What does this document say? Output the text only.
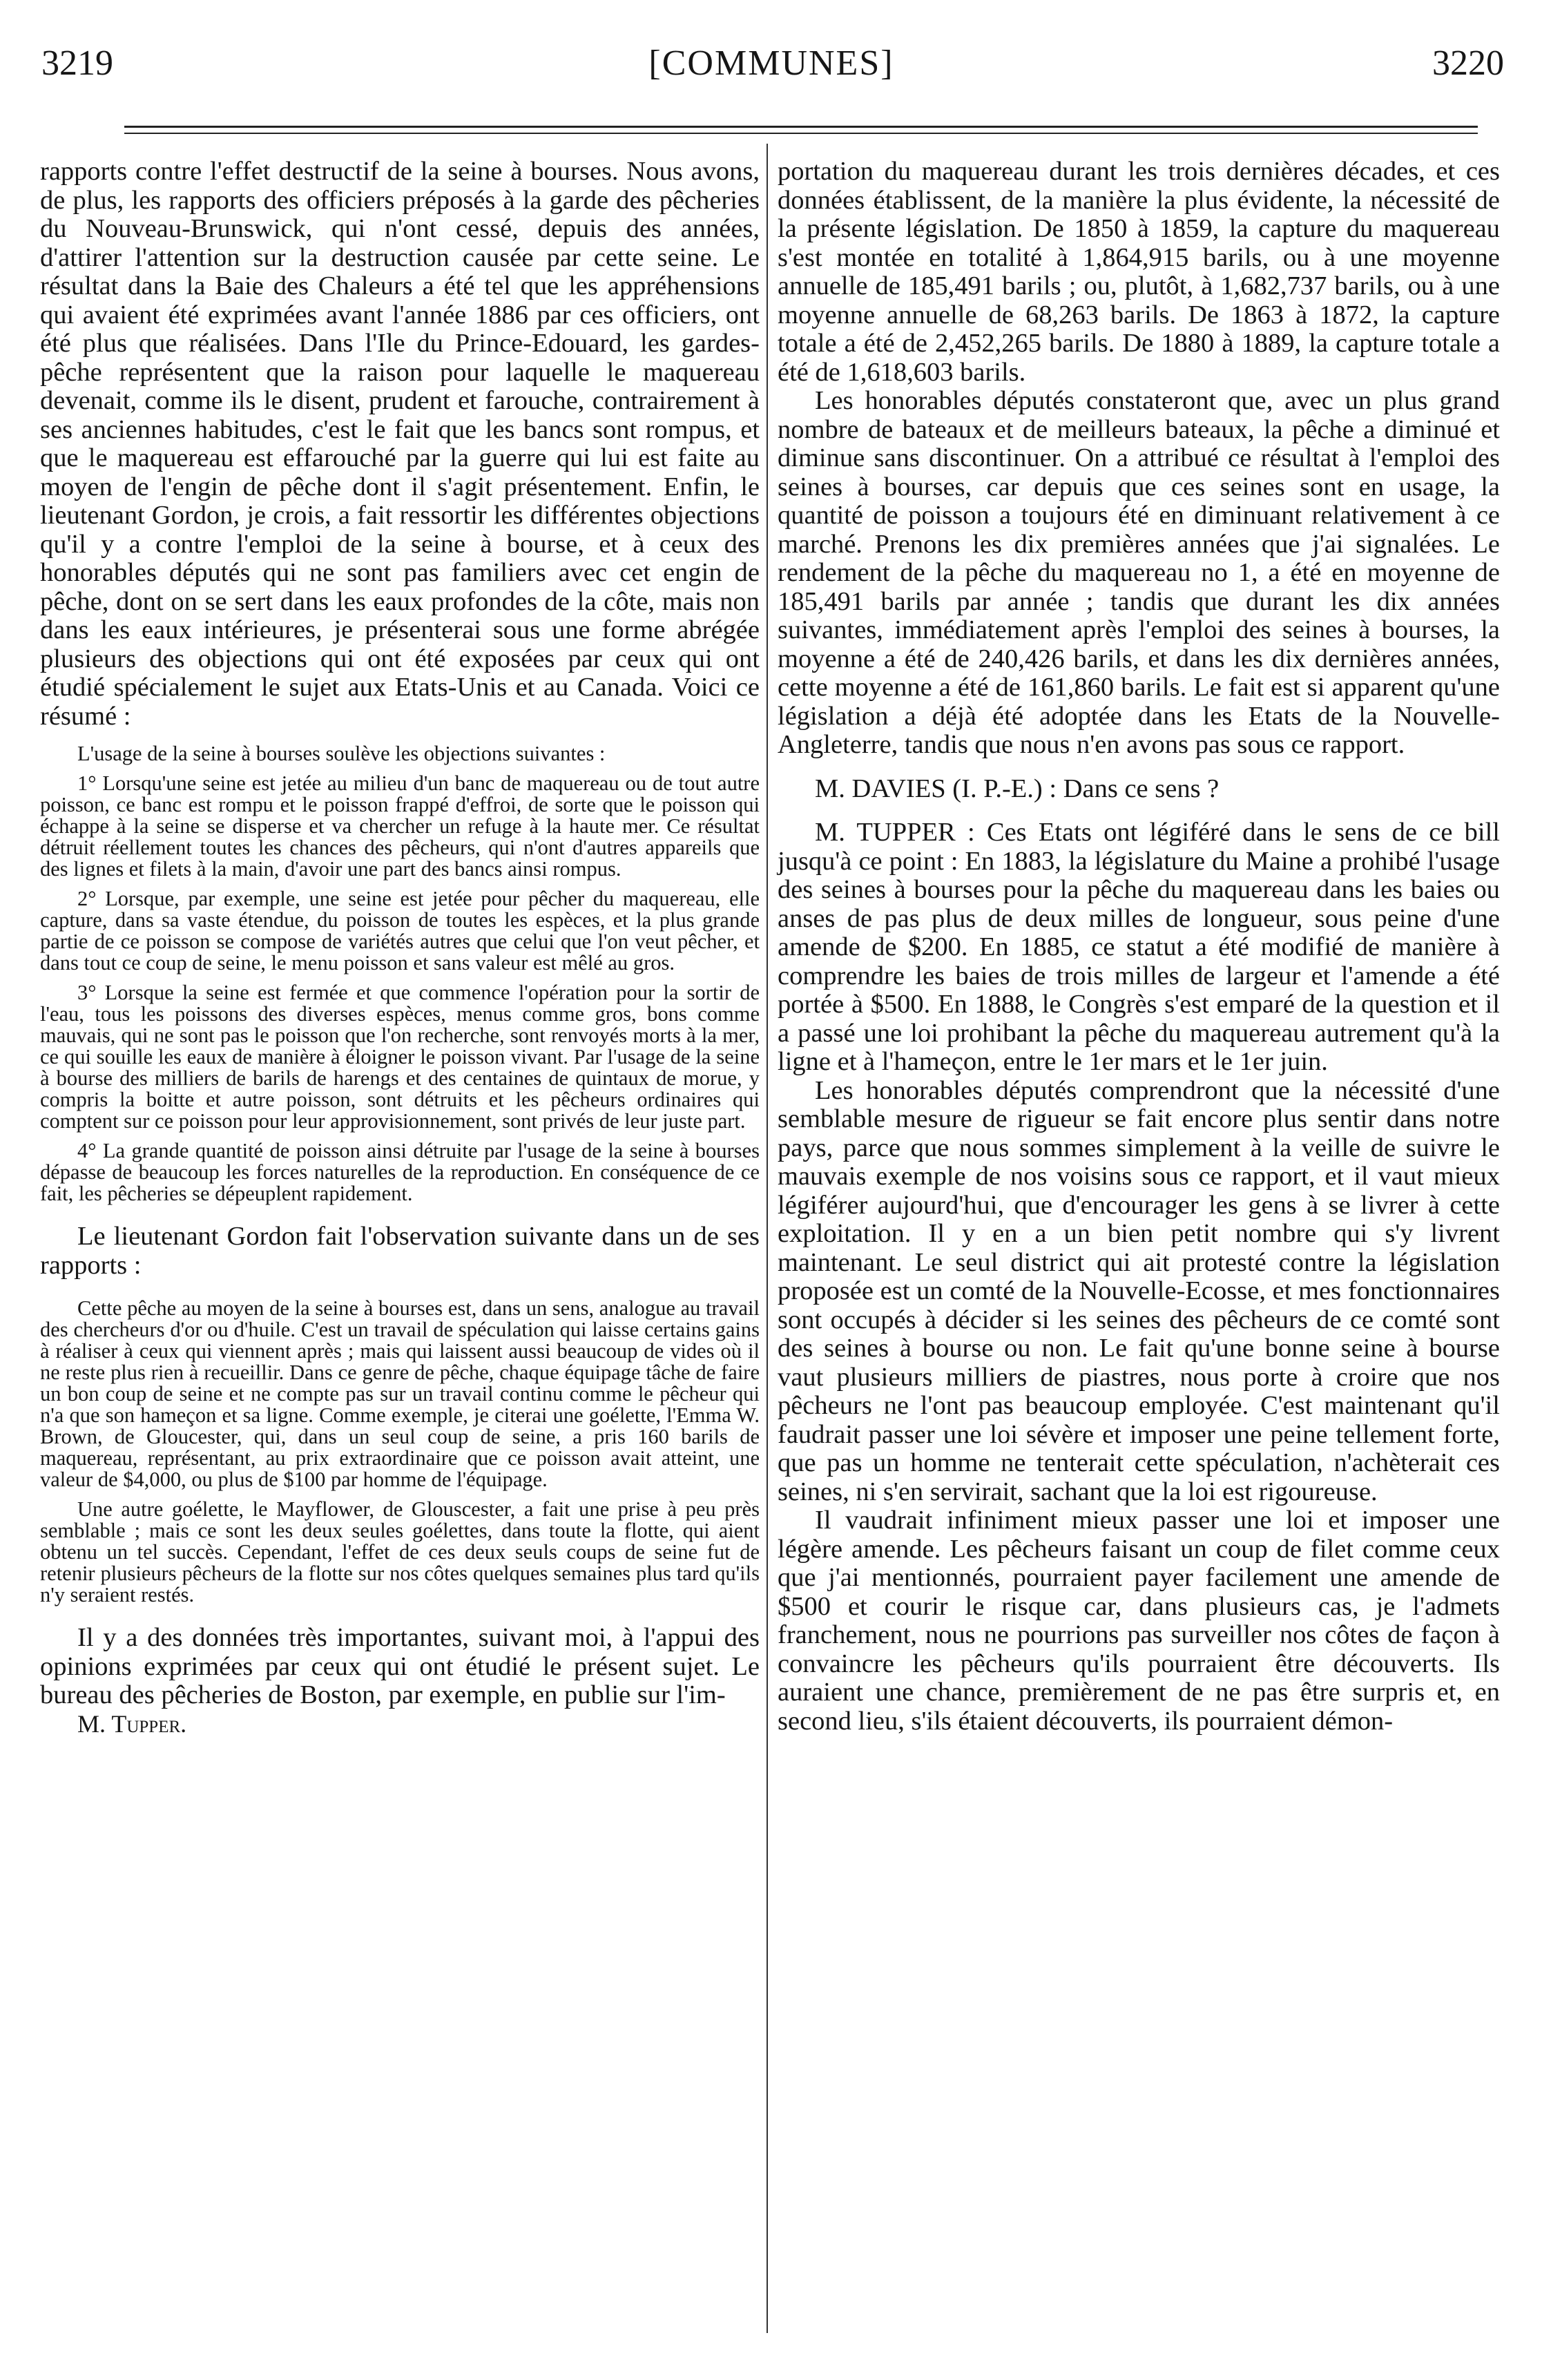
3219	[COMMUNES]	3220

rapports contre l'effet destructif de la seine à bourses. Nous avons, de plus, les rapports des officiers préposés à la garde des pêcheries du Nouveau-Brunswick, qui n'ont cessé, depuis des années, d'attirer l'attention sur la destruction causée par cette seine. Le résultat dans la Baie des Chaleurs a été tel que les appréhensions qui avaient été exprimées avant l'année 1886 par ces officiers, ont été plus que réalisées. Dans l'Ile du Prince-Edouard, les gardes-pêche représentent que la raison pour laquelle le maquereau devenait, comme ils le disent, prudent et farouche, contrairement à ses anciennes habitudes, c'est le fait que les bancs sont rompus, et que le maquereau est effarouché par la guerre qui lui est faite au moyen de l'engin de pêche dont il s'agit présentement. Enfin, le lieutenant Gordon, je crois, a fait ressortir les différentes objections qu'il y a contre l'emploi de la seine à bourse, et à ceux des honorables députés qui ne sont pas familiers avec cet engin de pêche, dont on se sert dans les eaux profondes de la côte, mais non dans les eaux intérieures, je présenterai sous une forme abrégée plusieurs des objections qui ont été exposées par ceux qui ont étudié spécialement le sujet aux Etats-Unis et au Canada. Voici ce résumé :

L'usage de la seine à bourses soulève les objections suivantes :

1° Lorsqu'une seine est jetée au milieu d'un banc de maquereau ou de tout autre poisson, ce banc est rompu et le poisson frappé d'effroi, de sorte que le poisson qui échappe à la seine se disperse et va chercher un refuge à la haute mer. Ce résultat détruit réellement toutes les chances des pêcheurs, qui n'ont d'autres appareils que des lignes et filets à la main, d'avoir une part des bancs ainsi rompus.

2° Lorsque, par exemple, une seine est jetée pour pêcher du maquereau, elle capture, dans sa vaste étendue, du poisson de toutes les espèces, et la plus grande partie de ce poisson se compose de variétés autres que celui que l'on veut pêcher, et dans tout ce coup de seine, le menu poisson et sans valeur est mêlé au gros.

3° Lorsque la seine est fermée et que commence l'opération pour la sortir de l'eau, tous les poissons des diverses espèces, menus comme gros, bons comme mauvais, qui ne sont pas le poisson que l'on recherche, sont renvoyés morts à la mer, ce qui souille les eaux de manière à éloigner le poisson vivant. Par l'usage de la seine à bourse des milliers de barils de harengs et des centaines de quintaux de morue, y compris la boitte et autre poisson, sont détruits et les pêcheurs ordinaires qui comptent sur ce poisson pour leur approvisionnement, sont privés de leur juste part.

4° La grande quantité de poisson ainsi détruite par l'usage de la seine à bourses dépasse de beaucoup les forces naturelles de la reproduction. En conséquence de ce fait, les pêcheries se dépeuplent rapidement.

Le lieutenant Gordon fait l'observation suivante dans un de ses rapports :

Cette pêche au moyen de la seine à bourses est, dans un sens, analogue au travail des chercheurs d'or ou d'huile. C'est un travail de spéculation qui laisse certains gains à réaliser à ceux qui viennent après ; mais qui laissent aussi beaucoup de vides où il ne reste plus rien à recueillir. Dans ce genre de pêche, chaque équipage tâche de faire un bon coup de seine et ne compte pas sur un travail continu comme le pêcheur qui n'a que son hameçon et sa ligne. Comme exemple, je citerai une goélette, l'Emma W. Brown, de Gloucester, qui, dans un seul coup de seine, a pris 160 barils de maquereau, représentant, au prix extraordinaire que ce poisson avait atteint, une valeur de $4,000, ou plus de $100 par homme de l'équipage.

Une autre goélette, le Mayflower, de Glouscester, a fait une prise à peu près semblable ; mais ce sont les deux seules goélettes, dans toute la flotte, qui aient obtenu un tel succès. Cependant, l'effet de ces deux seuls coups de seine fut de retenir plusieurs pêcheurs de la flotte sur nos côtes quelques semaines plus tard qu'ils n'y seraient restés.

Il y a des données très importantes, suivant moi, à l'appui des opinions exprimées par ceux qui ont étudié le présent sujet. Le bureau des pêcheries de Boston, par exemple, en publie sur l'im-

M. Tupper.

portation du maquereau durant les trois dernières décades, et ces données établissent, de la manière la plus évidente, la nécessité de la présente législation. De 1850 à 1859, la capture du maquereau s'est montée en totalité à 1,864,915 barils, ou à une moyenne annuelle de 185,491 barils ; ou, plutôt, à 1,682,737 barils, ou à une moyenne annuelle de 68,263 barils. De 1863 à 1872, la capture totale a été de 2,452,265 barils. De 1880 à 1889, la capture totale a été de 1,618,603 barils.

Les honorables députés constateront que, avec un plus grand nombre de bateaux et de meilleurs bateaux, la pêche a diminué et diminue sans discontinuer. On a attribué ce résultat à l'emploi des seines à bourses, car depuis que ces seines sont en usage, la quantité de poisson a toujours été en diminuant relativement à ce marché. Prenons les dix premières années que j'ai signalées. Le rendement de la pêche du maquereau no 1, a été en moyenne de 185,491 barils par année ; tandis que durant les dix années suivantes, immédiatement après l'emploi des seines à bourses, la moyenne a été de 240,426 barils, et dans les dix dernières années, cette moyenne a été de 161,860 barils. Le fait est si apparent qu'une législation a déjà été adoptée dans les Etats de la Nouvelle-Angleterre, tandis que nous n'en avons pas sous ce rapport.

M. DAVIES (I. P.-E.) : Dans ce sens ?

M. TUPPER : Ces Etats ont légiféré dans le sens de ce bill jusqu'à ce point : En 1883, la législature du Maine a prohibé l'usage des seines à bourses pour la pêche du maquereau dans les baies ou anses de pas plus de deux milles de longueur, sous peine d'une amende de $200. En 1885, ce statut a été modifié de manière à comprendre les baies de trois milles de largeur et l'amende a été portée à $500. En 1888, le Congrès s'est emparé de la question et il a passé une loi prohibant la pêche du maquereau autrement qu'à la ligne et à l'hameçon, entre le 1er mars et le 1er juin.

Les honorables députés comprendront que la nécessité d'une semblable mesure de rigueur se fait encore plus sentir dans notre pays, parce que nous sommes simplement à la veille de suivre le mauvais exemple de nos voisins sous ce rapport, et il vaut mieux légiférer aujourd'hui, que d'encourager les gens à se livrer à cette exploitation. Il y en a un bien petit nombre qui s'y livrent maintenant. Le seul district qui ait protesté contre la législation proposée est un comté de la Nouvelle-Ecosse, et mes fonctionnaires sont occupés à décider si les seines des pêcheurs de ce comté sont des seines à bourse ou non. Le fait qu'une bonne seine à bourse vaut plusieurs milliers de piastres, nous porte à croire que nos pêcheurs ne l'ont pas beaucoup employée. C'est maintenant qu'il faudrait passer une loi sévère et imposer une peine tellement forte, que pas un homme ne tenterait cette spéculation, n'achèterait ces seines, ni s'en servirait, sachant que la loi est rigoureuse.

Il vaudrait infiniment mieux passer une loi et imposer une légère amende. Les pêcheurs faisant un coup de filet comme ceux que j'ai mentionnés, pourraient payer facilement une amende de $500 et courir le risque car, dans plusieurs cas, je l'admets franchement, nous ne pourrions pas surveiller nos côtes de façon à convaincre les pêcheurs qu'ils pourraient être découverts. Ils auraient une chance, premièrement de ne pas être surpris et, en second lieu, s'ils étaient découverts, ils pourraient démon-
